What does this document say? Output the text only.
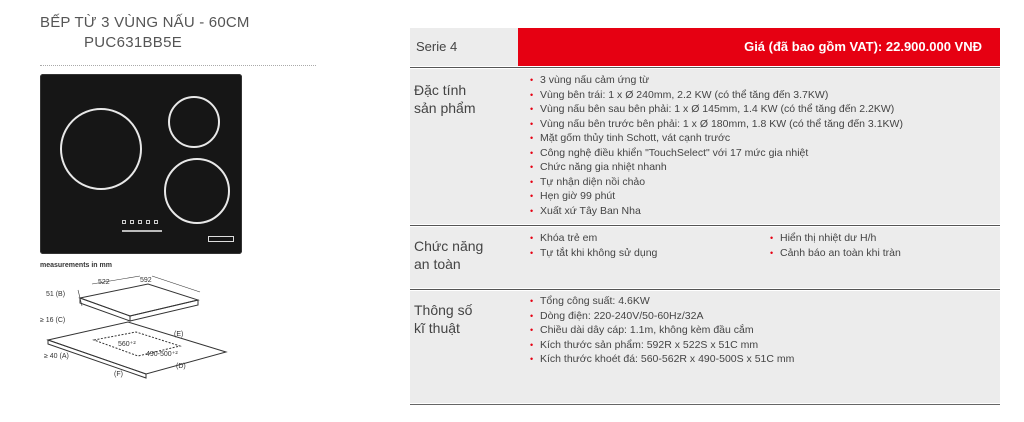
BẾP TỪ 3 VÙNG NẤU - 60CM
PUC631BB5E
measurements in mm
522	592
51 (B)
≥ 16 (C)
≥ 40 (A)
(E)
560⁺²
490-500⁺²
(D)
(F)
Serie 4	Giá (đã bao gồm VAT): 22.900.000 VNĐ
Đặc tính
sản phẩm
• 3 vùng nấu cảm ứng từ
• Vùng bên trái: 1 x Ø 240mm, 2.2 KW (có thể tăng đến 3.7KW)
• Vùng nấu bên sau bên phải: 1 x Ø 145mm, 1.4 KW (có thể tăng đến 2.2KW)
• Vùng nấu bên trước bên phải: 1 x Ø 180mm, 1.8 KW (có thể tăng đến 3.1KW)
• Mặt gốm thủy tinh Schott, vát cạnh trước
• Công nghệ điều khiển "TouchSelect" với 17 mức gia nhiệt
• Chức năng gia nhiệt nhanh
• Tự nhận diện nồi chảo
• Hẹn giờ 99 phút
• Xuất xứ Tây Ban Nha
Chức năng
an toàn
• Khóa trẻ em
• Tự tắt khi không sử dụng
• Hiển thị nhiệt dư H/h
• Cảnh báo an toàn khi tràn
Thông số
kĩ thuật
• Tổng công suất: 4.6KW
• Dòng điện: 220-240V/50-60Hz/32A
• Chiều dài dây cáp: 1.1m, không kèm đầu cắm
• Kích thước sản phẩm: 592R x 522S x 51C mm
• Kích thước khoét đá: 560-562R x 490-500S x 51C mm
